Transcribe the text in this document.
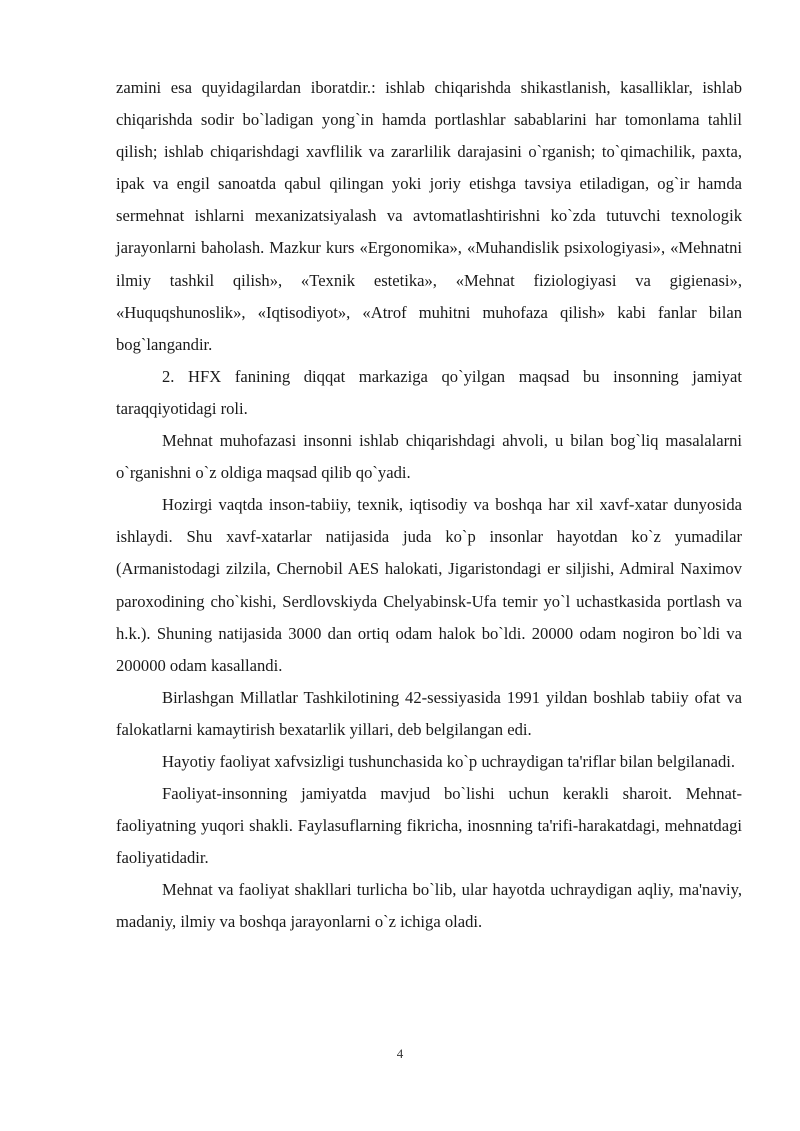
zamini esa quyidagilardan iboratdir.: ishlab chiqarishda shikastlanish, kasalliklar, ishlab chiqarishda sodir bo`ladigan yong`in hamda portlashlar sabablarini har tomonlama tahlil qilish; ishlab chiqarishdagi xavflilik va zararlilik darajasini o`rganish; to`qimachilik, paxta, ipak va engil sanoatda qabul qilingan yoki joriy etishga tavsiya etiladigan, og`ir hamda sermehnat ishlarni mexanizatsiyalash va avtomatlashtirishni ko`zda tutuvchi texnologik jarayonlarni baholash. Mazkur kurs «Ergonomika», «Muhandislik psixologiyasi», «Mehnatni ilmiy tashkil qilish», «Texnik estetika», «Mehnat fiziologiyasi va gigienasi», «Huquqshunoslik», «Iqtisodiyot», «Atrof muhitni muhofaza qilish» kabi fanlar bilan bog`langandir.

2. HFX fanining diqqat markaziga qo`yilgan maqsad bu insonning jamiyat taraqqiyotidagi roli.

Mehnat muhofazasi insonni ishlab chiqarishdagi ahvoli, u bilan bog`liq masalalarni o`rganishni o`z oldiga maqsad qilib qo`yadi.

Hozirgi vaqtda inson-tabiiy, texnik, iqtisodiy va boshqa har xil xavf-xatar dunyosida ishlaydi. Shu xavf-xatarlar natijasida juda ko`p insonlar hayotdan ko`z yumadilar (Armanistodagi zilzila, Chernobil AES halokati, Jigaristondagi er siljishi, Admiral Naximov paroxodining cho`kishi, Serdlovskiyda Chelyabinsk-Ufa temir yo`l uchastkasida portlash va h.k.). Shuning natijasida 3000 dan ortiq odam halok bo`ldi. 20000 odam nogiron bo`ldi va 200000 odam kasallandi.

Birlashgan Millatlar Tashkilotining 42-sessiyasida 1991 yildan boshlab tabiiy ofat va falokatlarni kamaytirish bexatarlik yillari, deb belgilangan edi.

Hayotiy faoliyat xafvsizligi tushunchasida ko`p uchraydigan ta'riflar bilan belgilanadi.

Faoliyat-insonning jamiyatda mavjud bo`lishi uchun kerakli sharoit. Mehnat-faoliyatning yuqori shakli. Faylasuflarning fikricha, inosnning ta'rifi-harakatdagi, mehnatdagi faoliyatidadir.

Mehnat va faoliyat shakllari turlicha bo`lib, ular hayotda uchraydigan aqliy, ma'naviy, madaniy, ilmiy va boshqa jarayonlarni o`z ichiga oladi.

4
